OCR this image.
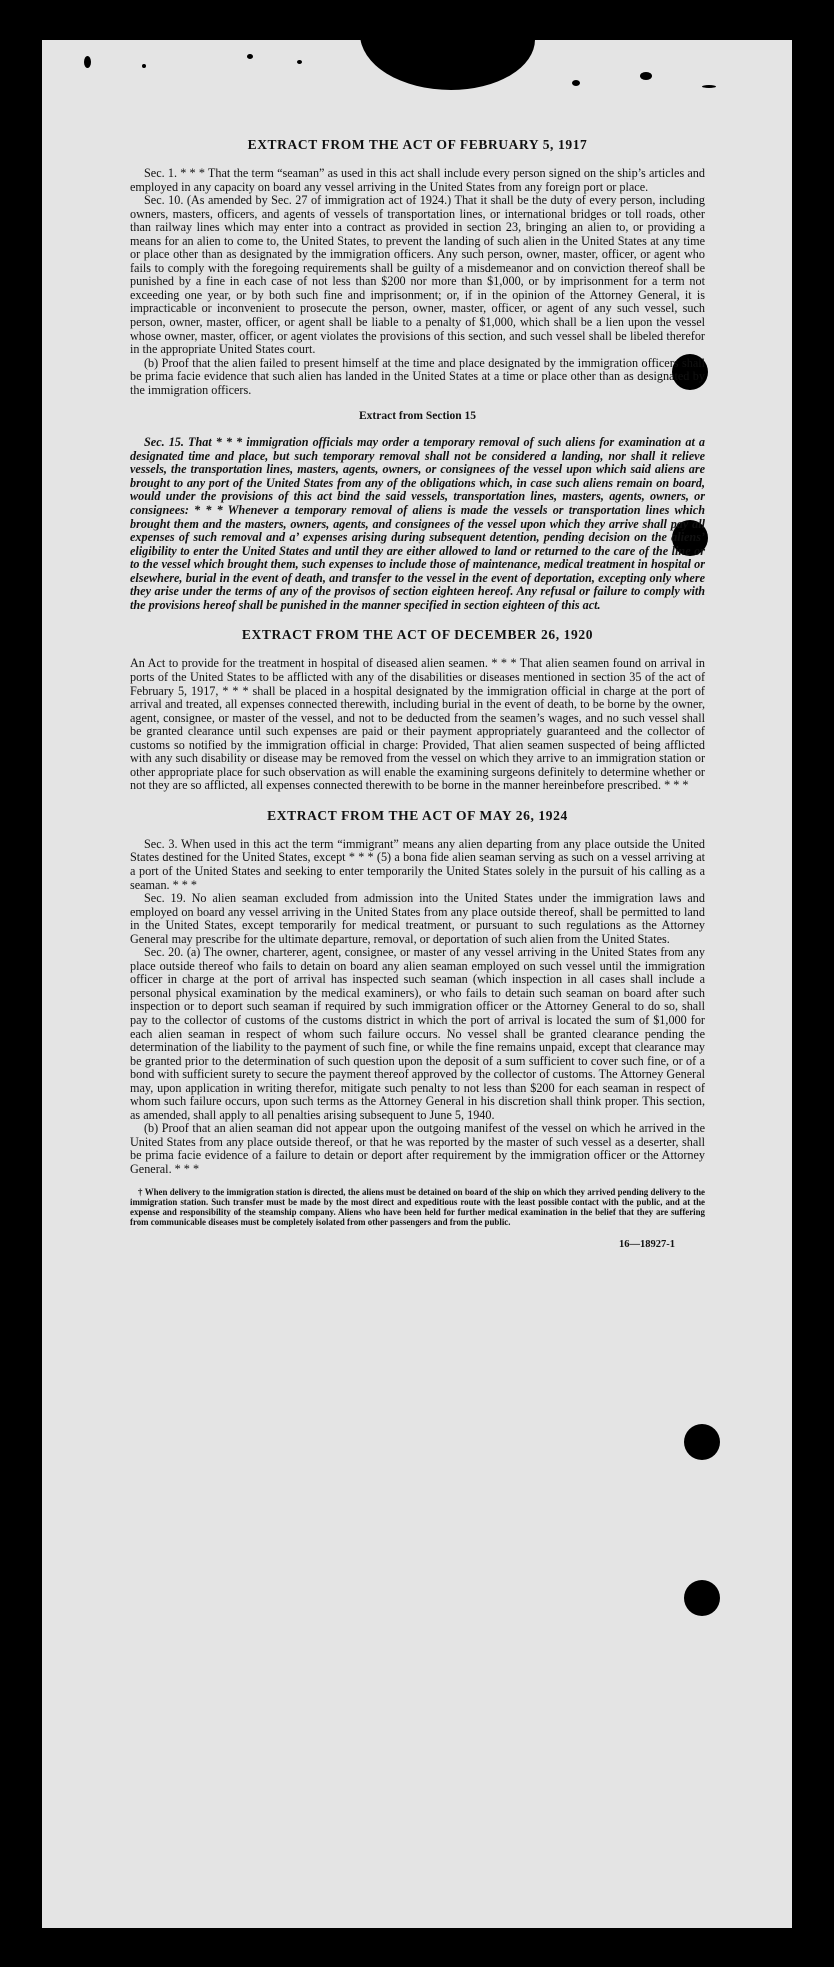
EXTRACT FROM THE ACT OF FEBRUARY 5, 1917

Sec. 1. * * * That the term “seaman” as used in this act shall include every person signed on the ship’s articles and employed in any capacity on board any vessel arriving in the United States from any foreign port or place.

Sec. 10. (As amended by Sec. 27 of immigration act of 1924.) That it shall be the duty of every person, including owners, masters, officers, and agents of vessels of transportation lines, or international bridges or toll roads, other than railway lines which may enter into a contract as provided in section 23, bringing an alien to, or providing a means for an alien to come to, the United States, to prevent the landing of such alien in the United States at any time or place other than as designated by the immigration officers. Any such person, owner, master, officer, or agent who fails to comply with the foregoing requirements shall be guilty of a misdemeanor and on conviction thereof shall be punished by a fine in each case of not less than $200 nor more than $1,000, or by imprisonment for a term not exceeding one year, or by both such fine and imprisonment; or, if in the opinion of the Attorney General, it is impracticable or inconvenient to prosecute the person, owner, master, officer, or agent of any such vessel, such person, owner, master, officer, or agent shall be liable to a penalty of $1,000, which shall be a lien upon the vessel whose owner, master, officer, or agent violates the provisions of this section, and such vessel shall be libeled therefor in the appropriate United States court.

(b) Proof that the alien failed to present himself at the time and place designated by the immigration officers shall be prima facie evidence that such alien has landed in the United States at a time or place other than as designated by the immigration officers.

Extract from Section 15

Sec. 15. That * * * immigration officials may order a temporary removal of such aliens for examination at a designated time and place, but such temporary removal shall not be considered a landing, nor shall it relieve vessels, the transportation lines, masters, agents, owners, or consignees of the vessel upon which said aliens are brought to any port of the United States from any of the obligations which, in case such aliens remain on board, would under the provisions of this act bind the said vessels, transportation lines, masters, agents, owners, or consignees: * * * Whenever a temporary removal of aliens is made the vessels or transportation lines which brought them and the masters, owners, agents, and consignees of the vessel upon which they arrive shall pay all expenses of such removal and a’ expenses arising during subsequent detention, pending decision on the aliens’ eligibility to enter the United States and until they are either allowed to land or returned to the care of the line or to the vessel which brought them, such expenses to include those of maintenance, medical treatment in hospital or elsewhere, burial in the event of death, and transfer to the vessel in the event of deportation, excepting only where they arise under the terms of any of the provisos of section eighteen hereof. Any refusal or failure to comply with the provisions hereof shall be punished in the manner specified in section eighteen of this act.

EXTRACT FROM THE ACT OF DECEMBER 26, 1920

An Act to provide for the treatment in hospital of diseased alien seamen. * * * That alien seamen found on arrival in ports of the United States to be afflicted with any of the disabilities or diseases mentioned in section 35 of the act of February 5, 1917, * * * shall be placed in a hospital designated by the immigration official in charge at the port of arrival and treated, all expenses connected therewith, including burial in the event of death, to be borne by the owner, agent, consignee, or master of the vessel, and not to be deducted from the seamen’s wages, and no such vessel shall be granted clearance until such expenses are paid or their payment appropriately guaranteed and the collector of customs so notified by the immigration official in charge: Provided, That alien seamen suspected of being afflicted with any such disability or disease may be removed from the vessel on which they arrive to an immigration station or other appropriate place for such observation as will enable the examining surgeons definitely to determine whether or not they are so afflicted, all expenses connected therewith to be borne in the manner hereinbefore prescribed. * * *

EXTRACT FROM THE ACT OF MAY 26, 1924

Sec. 3. When used in this act the term “immigrant” means any alien departing from any place outside the United States destined for the United States, except * * * (5) a bona fide alien seaman serving as such on a vessel arriving at a port of the United States and seeking to enter temporarily the United States solely in the pursuit of his calling as a seaman. * * *

Sec. 19. No alien seaman excluded from admission into the United States under the immigration laws and employed on board any vessel arriving in the United States from any place outside thereof, shall be permitted to land in the United States, except temporarily for medical treatment, or pursuant to such regulations as the Attorney General may prescribe for the ultimate departure, removal, or deportation of such alien from the United States.

Sec. 20. (a) The owner, charterer, agent, consignee, or master of any vessel arriving in the United States from any place outside thereof who fails to detain on board any alien seaman employed on such vessel until the immigration officer in charge at the port of arrival has inspected such seaman (which inspection in all cases shall include a personal physical examination by the medical examiners), or who fails to detain such seaman on board after such inspection or to deport such seaman if required by such immigration officer or the Attorney General to do so, shall pay to the collector of customs of the customs district in which the port of arrival is located the sum of $1,000 for each alien seaman in respect of whom such failure occurs. No vessel shall be granted clearance pending the determination of the liability to the payment of such fine, or while the fine remains unpaid, except that clearance may be granted prior to the determination of such question upon the deposit of a sum sufficient to cover such fine, or of a bond with sufficient surety to secure the payment thereof approved by the collector of customs. The Attorney General may, upon application in writing therefor, mitigate such penalty to not less than $200 for each seaman in respect of whom such failure occurs, upon such terms as the Attorney General in his discretion shall think proper. This section, as amended, shall apply to all penalties arising subsequent to June 5, 1940.

(b) Proof that an alien seaman did not appear upon the outgoing manifest of the vessel on which he arrived in the United States from any place outside thereof, or that he was reported by the master of such vessel as a deserter, shall be prima facie evidence of a failure to detain or deport after requirement by the immigration officer or the Attorney General. * * *

† When delivery to the immigration station is directed, the aliens must be detained on board of the ship on which they arrived pending delivery to the immigration station. Such transfer must be made by the most direct and expeditious route with the least possible contact with the public, and at the expense and responsibility of the steamship company. Aliens who have been held for further medical examination in the belief that they are suffering from communicable diseases must be completely isolated from other passengers and from the public.

16—18927-1
